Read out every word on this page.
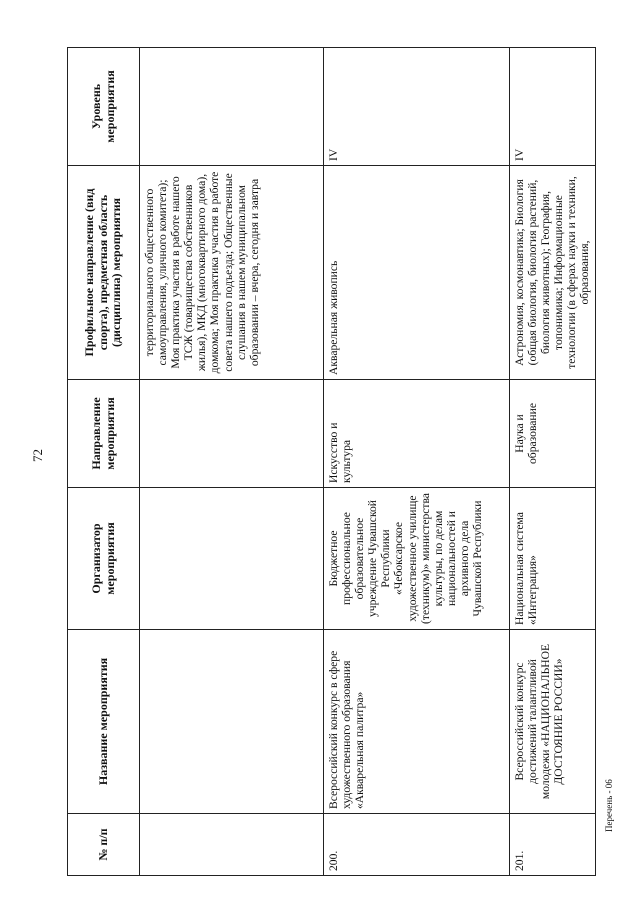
72
№ п/п	Название мероприятия	Организатор мероприятия	Направление мероприятия	Профильное направление (вид спорта), предметная область (дисциплина) мероприятия	Уровень мероприятия
				территориального общественного самоуправления, уличного комитета); Моя практика участия в работе нашего ТСЖ (товарищества собственников жилья), МКД (многоквартирного дома), домкома; Моя практика участия в работе совета нашего подъезда; Общественные слушания в нашем муниципальном образовании – вчера, сегодня и завтра	
200.	Всероссийский конкурс в сфере художественного образования «Акварельная палитра»	Бюджетное профессиональное образовательное учреждение Чувашской Республики «Чебоксарское художественное училище (техникум)» министерства культуры, по делам национальностей и архивного дела Чувашской Республики	Искусство и культура	Акварельная живопись	IV
201.	Всероссийский конкурс достижений талантливой молодежи «НАЦИОНАЛЬНОЕ ДОСТОЯНИЕ РОССИИ»	Национальная система «Интеграция»	Наука и образование	Астрономия, космонавтика; Биология (общая биология, биология растений, биология животных); География, топонимика; Информационные технологии (в сферах науки и техники, образования,	IV
Перечень - 06
